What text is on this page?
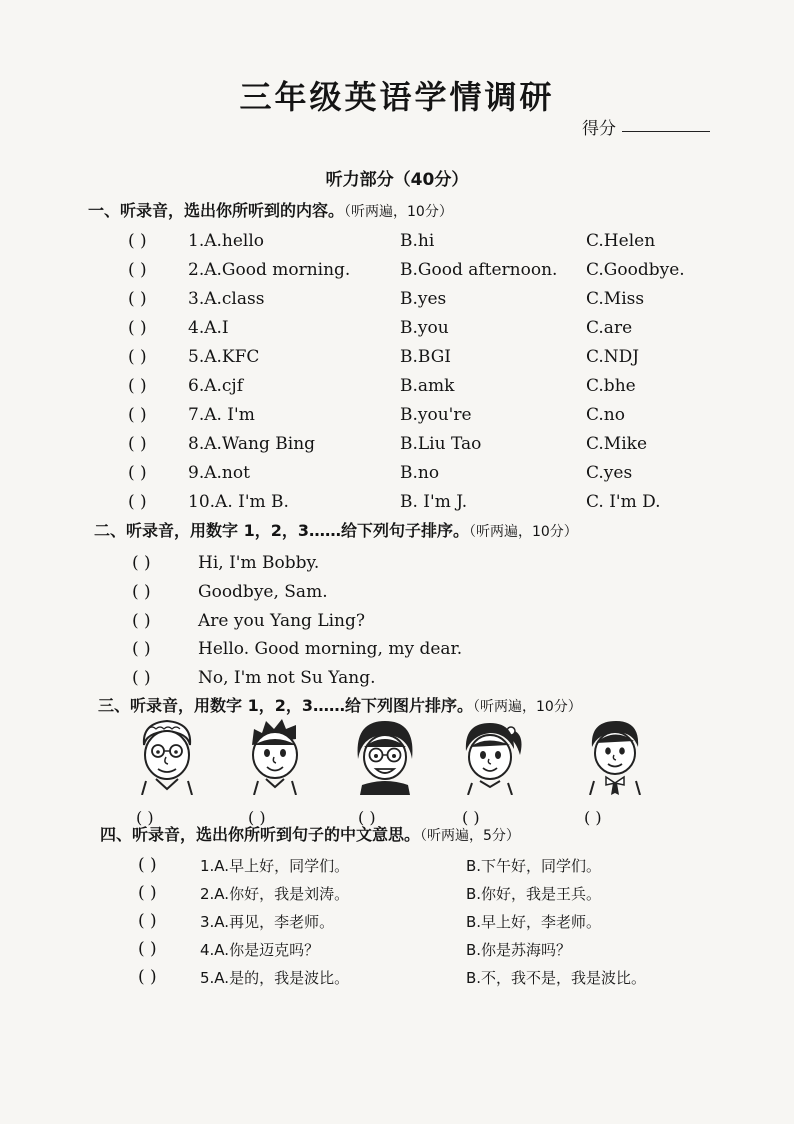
三年级英语学情调研
得分
听力部分（40分）
一、听录音，选出你所听到的内容。（听两遍，10分）
( ) 1.A.hello	B.hi	C.Helen
( ) 2.A.Good morning.	B.Good afternoon. C.Goodbye.
( ) 3.A.class	B.yes	C.Miss
( ) 4.A.I	B.you	C.are
( ) 5.A.KFC	B.BGI	C.NDJ
( ) 6.A.cjf	B.amk	C.bhe
( ) 7.A. I'm	B.you're	C.no
( ) 8.A.Wang Bing	B.Liu Tao	C.Mike
( ) 9.A.not	B.no	C.yes
( ) 10.A. I'm B.	B. I'm J.	C. I'm D.
二、听录音，用数字 1，2，3……给下列句子排序。（听两遍，10分）
( )	Hi, I'm Bobby.
( )	Goodbye, Sam.
( )	Are you Yang Ling?
( )	Hello. Good morning, my dear.
( )	No, I'm not Su Yang.
三、听录音，用数字 1，2，3……给下列图片排序。（听两遍，10分）
( )	( )	( )	( )	( )
四、听录音，选出你所听到句子的中文意思。（听两遍，5分）
( )	1.A.早上好，同学们。	B.下午好，同学们。
( )	2.A.你好，我是刘涛。	B.你好，我是王兵。
( )	3.A.再见，李老师。	B.早上好，李老师。
( )	4.A.你是迈克吗？	B.你是苏海吗？
( )	5.A.是的，我是波比。	B.不，我不是，我是波比。
